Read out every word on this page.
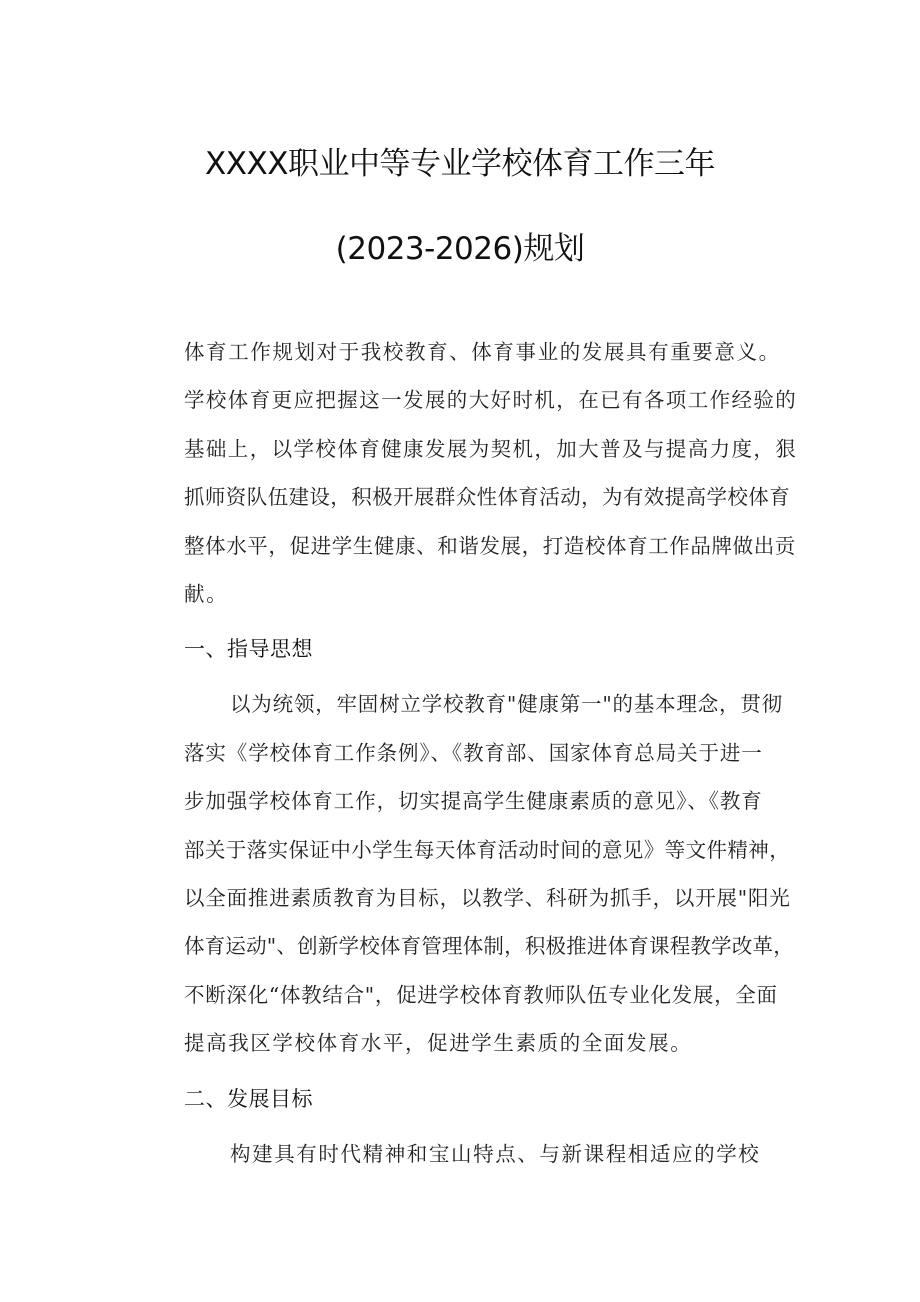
XXXX职业中等专业学校体育工作三年
(2023-2026)规划

体育工作规划对于我校教育、体育事业的发展具有重要意义。
学校体育更应把握这一发展的大好时机，在已有各项工作经验的
基础上，以学校体育健康发展为契机，加大普及与提高力度，狠
抓师资队伍建设，积极开展群众性体育活动，为有效提高学校体育
整体水平，促进学生健康、和谐发展，打造校体育工作品牌做出贡
献。

一、指导思想

以为统领，牢固树立学校教育"健康第一"的基本理念，贯彻
落实《学校体育工作条例》、《教育部、国家体育总局关于进一
步加强学校体育工作，切实提高学生健康素质的意见》、《教育
部关于落实保证中小学生每天体育活动时间的意见》等文件精神，
以全面推进素质教育为目标，以教学、科研为抓手，以开展"阳光
体育运动"、创新学校体育管理体制，积极推进体育课程教学改革，
不断深化“体教结合"，促进学校体育教师队伍专业化发展，全面
提高我区学校体育水平，促进学生素质的全面发展。

二、发展目标

构建具有时代精神和宝山特点、与新课程相适应的学校
